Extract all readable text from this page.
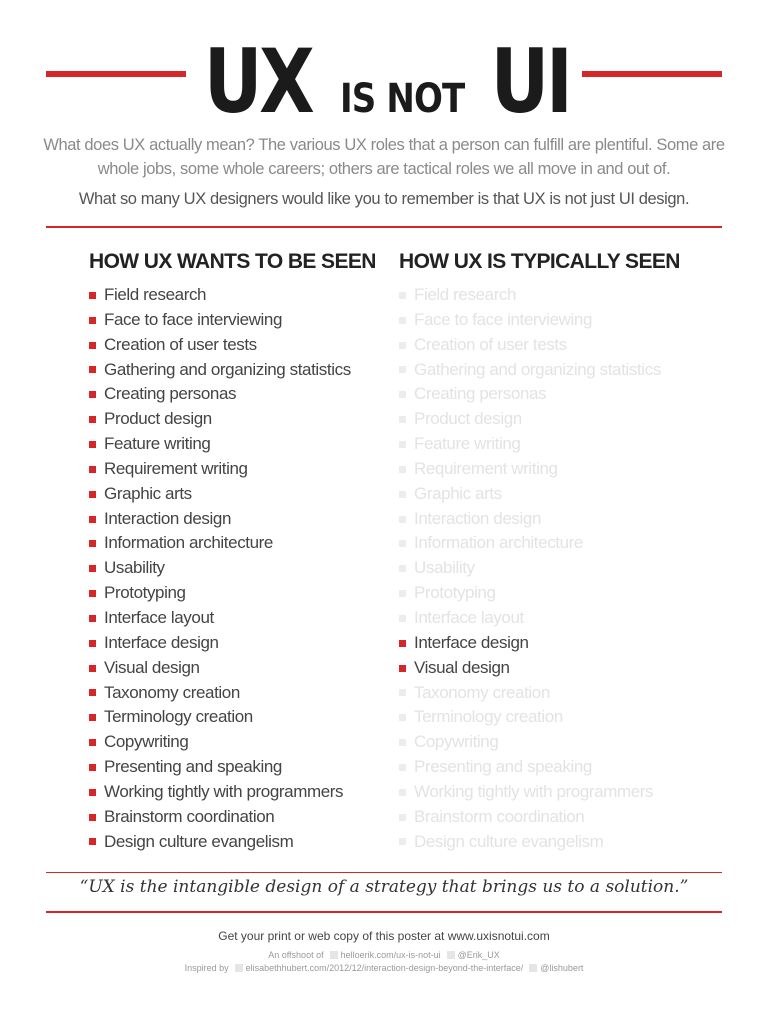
UX IS NOT UI
What does UX actually mean? The various UX roles that a person can fulfill are plentiful. Some are whole jobs, some whole careers; others are tactical roles we all move in and out of.
What so many UX designers would like you to remember is that UX is not just UI design.
HOW UX WANTS TO BE SEEN HOW UX IS TYPICALLY SEEN
Field research
Face to face interviewing
Creation of user tests
Gathering and organizing statistics
Creating personas
Product design
Feature writing
Requirement writing
Graphic arts
Interaction design
Information architecture
Usability
Prototyping
Interface layout
Interface design
Visual design
Taxonomy creation
Terminology creation
Copywriting
Presenting and speaking
Working tightly with programmers
Brainstorm coordination
Design culture evangelism
Field research
Face to face interviewing
Creation of user tests
Gathering and organizing statistics
Creating personas
Product design
Feature writing
Requirement writing
Graphic arts
Interaction design
Information architecture
Usability
Prototyping
Interface layout
Interface design
Visual design
Taxonomy creation
Terminology creation
Copywriting
Presenting and speaking
Working tightly with programmers
Brainstorm coordination
Design culture evangelism
“UX is the intangible design of a strategy that brings us to a solution.”
Get your print or web copy of this poster at www.uxisnotui.com
An offshoot of helloerik.com/ux-is-not-ui @Erik_UX
Inspired by elisabethhubert.com/2012/12/interaction-design-beyond-the-interface/ @lishubert
